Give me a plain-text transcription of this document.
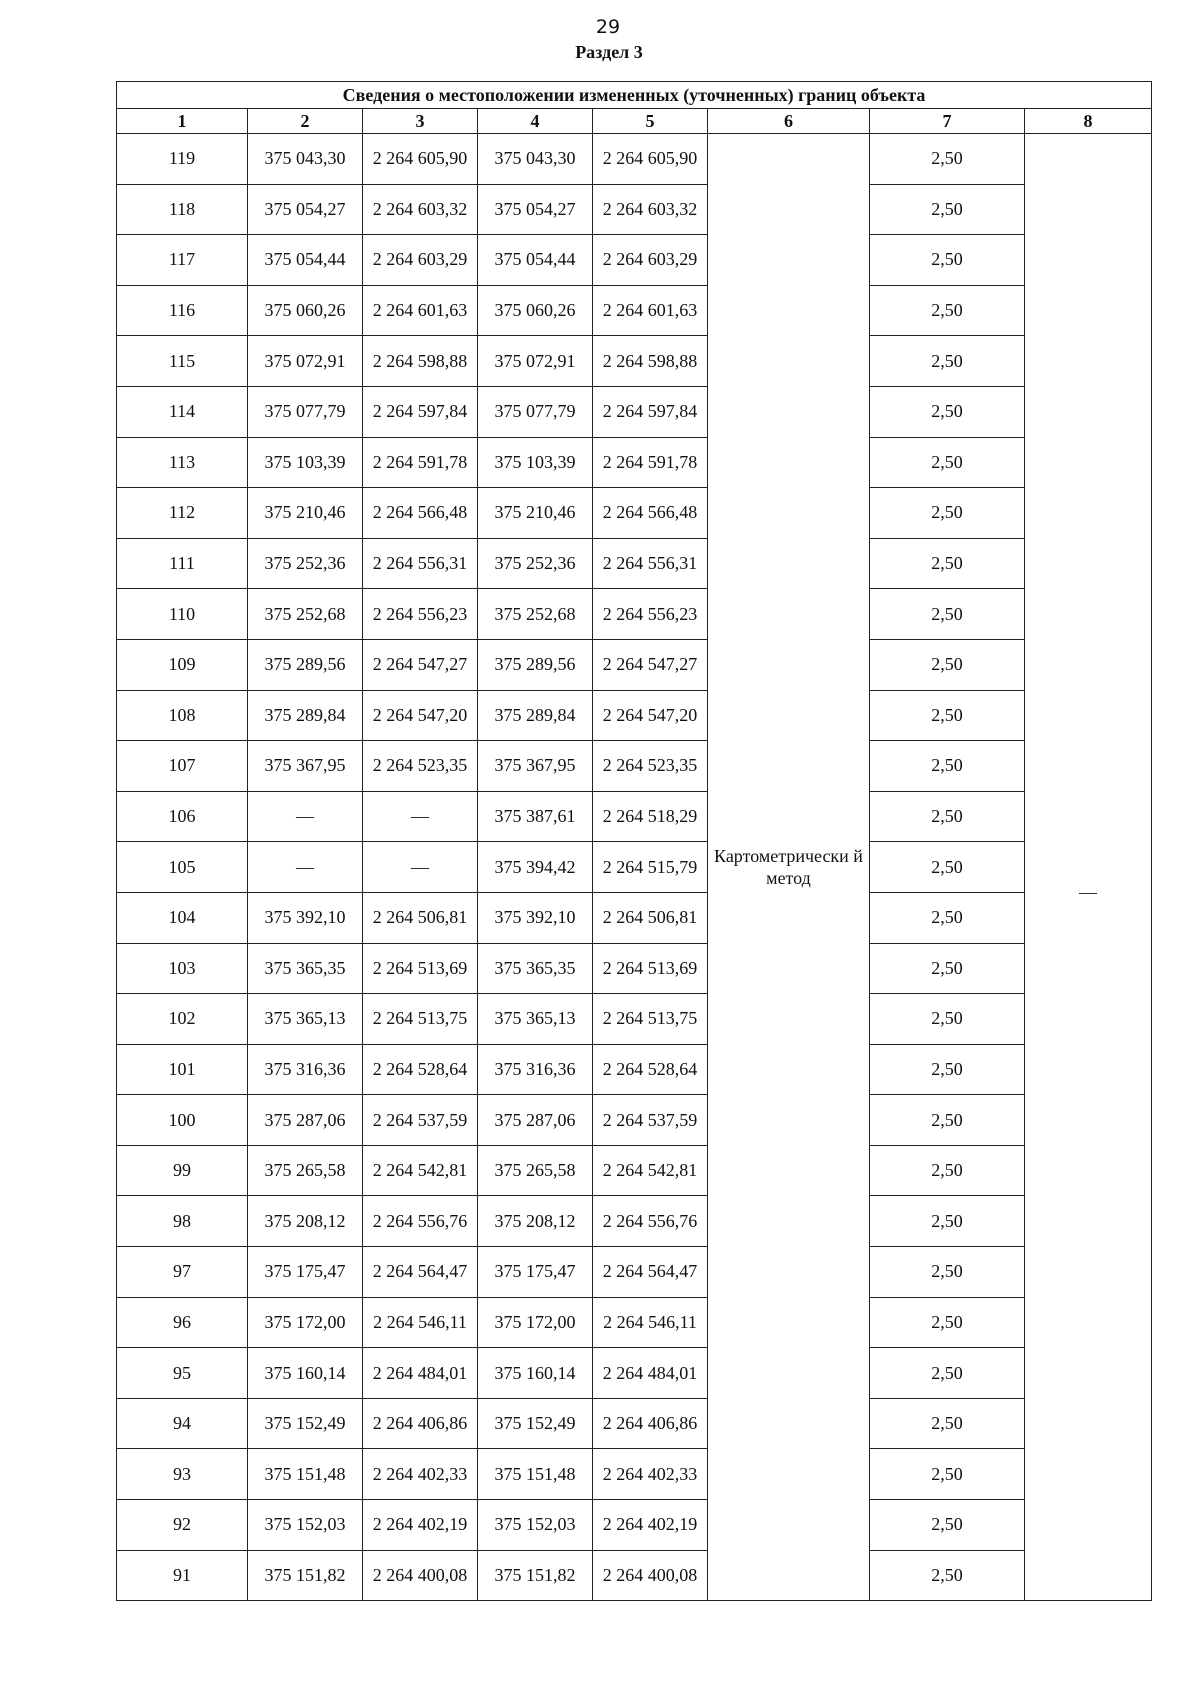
29
Раздел 3
Сведения о местоположении измененных (уточненных) границ объекта							
1	2	3	4	5	6	7	8
119	375 043,30	2 264 605,90	375 043,30	2 264 605,90	Картометрически й метод	2,50	
118	375 054,27	2 264 603,32	375 054,27	2 264 603,32		2,50	—
117	375 054,44	2 264 603,29	375 054,44	2 264 603,29		2,50	
116	375 060,26	2 264 601,63	375 060,26	2 264 601,63		2,50	
115	375 072,91	2 264 598,88	375 072,91	2 264 598,88		2,50	
114	375 077,79	2 264 597,84	375 077,79	2 264 597,84		2,50	
113	375 103,39	2 264 591,78	375 103,39	2 264 591,78		2,50	
112	375 210,46	2 264 566,48	375 210,46	2 264 566,48		2,50	
111	375 252,36	2 264 556,31	375 252,36	2 264 556,31		2,50	
110	375 252,68	2 264 556,23	375 252,68	2 264 556,23		2,50	
109	375 289,56	2 264 547,27	375 289,56	2 264 547,27		2,50	
108	375 289,84	2 264 547,20	375 289,84	2 264 547,20		2,50	
107	375 367,95	2 264 523,35	375 367,95	2 264 523,35		2,50	
106	—	—	375 387,61	2 264 518,29		2,50	
105	—	—	375 394,42	2 264 515,79		2,50	
104	375 392,10	2 264 506,81	375 392,10	2 264 506,81		2,50	
103	375 365,35	2 264 513,69	375 365,35	2 264 513,69		2,50	
102	375 365,13	2 264 513,75	375 365,13	2 264 513,75		2,50	
101	375 316,36	2 264 528,64	375 316,36	2 264 528,64		2,50	
100	375 287,06	2 264 537,59	375 287,06	2 264 537,59		2,50	
99	375 265,58	2 264 542,81	375 265,58	2 264 542,81		2,50	
98	375 208,12	2 264 556,76	375 208,12	2 264 556,76		2,50	
97	375 175,47	2 264 564,47	375 175,47	2 264 564,47		2,50	
96	375 172,00	2 264 546,11	375 172,00	2 264 546,11		2,50	
95	375 160,14	2 264 484,01	375 160,14	2 264 484,01		2,50	
94	375 152,49	2 264 406,86	375 152,49	2 264 406,86		2,50	
93	375 151,48	2 264 402,33	375 151,48	2 264 402,33		2,50	
92	375 152,03	2 264 402,19	375 152,03	2 264 402,19		2,50	
91	375 151,82	2 264 400,08	375 151,82	2 264 400,08		2,50	
